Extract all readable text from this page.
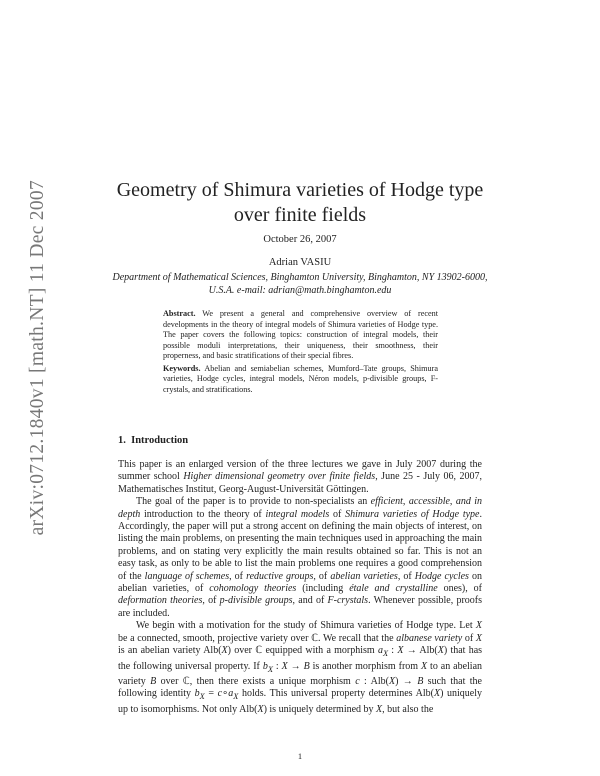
arXiv:0712.1840v1 [math.NT] 11 Dec 2007	Geometry of Shimura varieties of Hodge type over finite fields
October 26, 2007
Adrian VASIU
Department of Mathematical Sciences, Binghamton University, Binghamton, NY 13902-6000, U.S.A. e-mail: adrian@math.binghamton.edu

Abstract. We present a general and comprehensive overview of recent developments in the theory of integral models of Shimura varieties of Hodge type. The paper covers the following topics: construction of integral models, their possible moduli interpretations, their uniqueness, their smoothness, their properness, and basic stratifications of their special fibres.

Keywords. Abelian and semiabelian schemes, Mumford–Tate groups, Shimura varieties, Hodge cycles, integral models, Néron models, p-divisible groups, F-crystals, and stratifications.

1. Introduction

This paper is an enlarged version of the three lectures we gave in July 2007 during the summer school Higher dimensional geometry over finite fields, June 25 - July 06, 2007, Mathematisches Institut, Georg-August-Universität Göttingen.

The goal of the paper is to provide to non-specialists an efficient, accessible, and in depth introduction to the theory of integral models of Shimura varieties of Hodge type. Accordingly, the paper will put a strong accent on defining the main objects of interest, on listing the main problems, on presenting the main techniques used in approaching the main problems, and on stating very explicitly the main results obtained so far. This is not an easy task, as only to be able to list the main problems one requires a good comprehension of the language of schemes, of reductive groups, of abelian varieties, of Hodge cycles on abelian varieties, of cohomology theories (including étale and crystalline ones), of deformation theories, of p-divisible groups, and of F-crystals. Whenever possible, proofs are included.

We begin with a motivation for the study of Shimura varieties of Hodge type. Let X be a connected, smooth, projective variety over ℂ. We recall that the albanese variety of X is an abelian variety Alb(X) over ℂ equipped with a morphism $a_X$ : X → Alb(X) that has the following universal property. If $b_X$ : X → B is another morphism from X to an abelian variety B over ℂ, then there exists a unique morphism c : Alb(X) → B such that the following identity $b_X$ = $c\circ a_X$ holds. This universal property determines Alb(X) uniquely up to isomorphisms. Not only Alb(X) is uniquely determined by X, but also the

1
